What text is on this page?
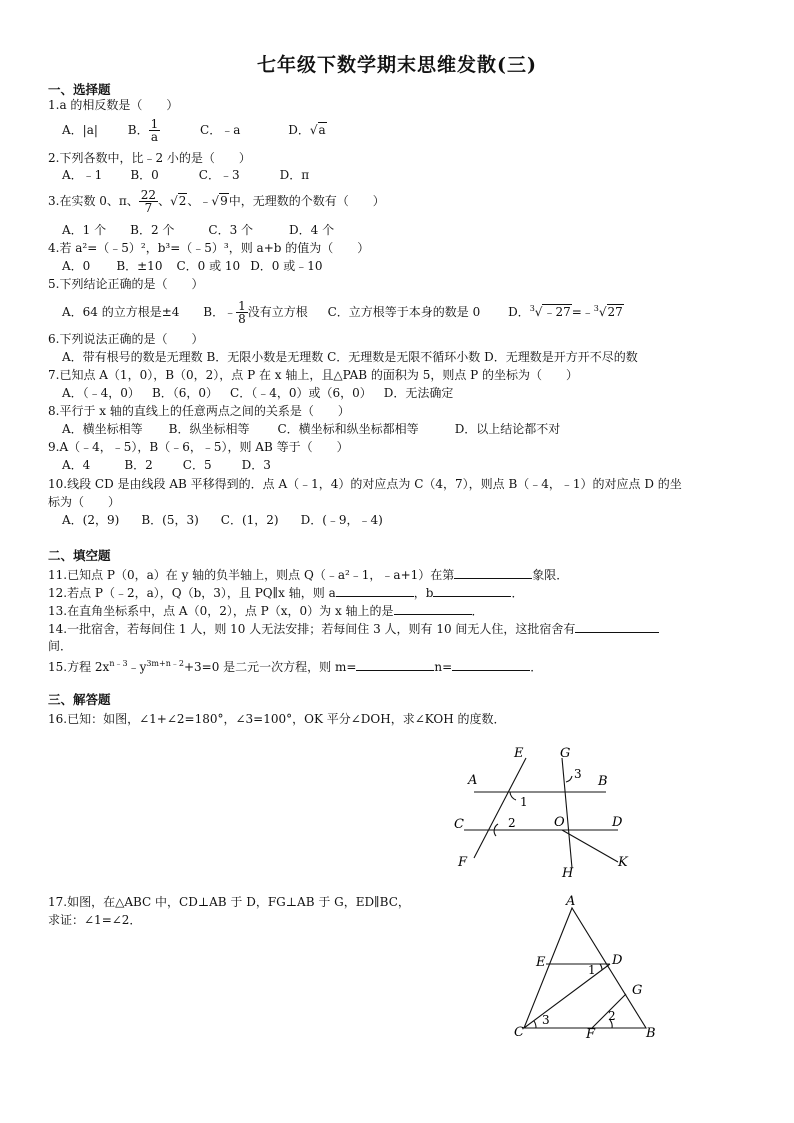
七年级下数学期末思维发散(三)
一、选择题
1.a 的相反数是（　　）
A．|a| B． $\frac{1}{a}$	C．﹣a	D．√a
2.下列各数中，比﹣2 小的是（　　）
A．﹣1 B．0	C．﹣3	D．π
3.在实数 0、π、 $\frac{22}{7}$ 、√2、﹣√9中，无理数的个数有（　　）
A．1 个 B．2 个	C．3 个	D．4 个
4.若 a²=（﹣5）²，b³=（﹣5）³，则 a+b 的值为（　　）
A．0 B．±10 C．0 或 10 D．0 或﹣10
5.下列结论正确的是（　　）
A．64 的立方根是±4 B．﹣ $\frac{1}{8}$ 没有立方根 C．立方根等于本身的数是 0 D．$^3$√﹣27=﹣$^3$√27
6.下列说法正确的是（　　）
A．带有根号的数是无理数 B．无限小数是无理数 C．无理数是无限不循环小数 D．无理数是开方开不尽的数
7.已知点 A（1，0），B（0，2），点 P 在 x 轴上，且△PAB 的面积为 5，则点 P 的坐标为（　　）
A．（﹣4，0） B．（6，0） C．（﹣4，0）或（6，0） D．无法确定
8.平行于 x 轴的直线上的任意两点之间的关系是（　　）
A．横坐标相等 B．纵坐标相等 C．横坐标和纵坐标都相等	D．以上结论都不对
9.A（﹣4，﹣5），B（﹣6，﹣5），则 AB 等于（　　）
A．4	B．2	C．5	D．3
10.线段 CD 是由线段 AB 平移得到的．点 A（﹣1，4）的对应点为 C（4，7），则点 B（﹣4，﹣1）的对应点 D 的坐
标为（　　）
A．(2，9) B．(5，3) C．(1，2) D．(﹣9，﹣4)
二、填空题
11.已知点 P（0，a）在 y 轴的负半轴上，则点 Q（﹣a²﹣1，﹣a+1）在第	象限．
12.若点 P（﹣2，a），Q（b，3），且 PQ∥x 轴，则 a	，b	．
13.在直角坐标系中，点 A（0，2），点 P（x，0）为 x 轴上的是	．
14.一批宿舍，若每间住 1 人，则 10 人无法安排；若每间住 3 人，则有 10 间无人住，这批宿舍有
间．
15.方程 $2x^{n﹣3}﹣y^{3m+n﹣2}+3=0$ 是二元一次方程，则 m=	n=	．
三、解答题
16.已知：如图，∠1+∠2=180°，∠3=100°，OK 平分∠DOH，求∠KOH 的度数．
E	G
A	B
C	D
O
F
H
K
1
2
3
17.如图，在△ABC 中，CD⊥AB 于 D，FG⊥AB 于 G，ED∥BC，
求证：∠1=∠2．
A
E	D
G
C	F	B
1
2
3
